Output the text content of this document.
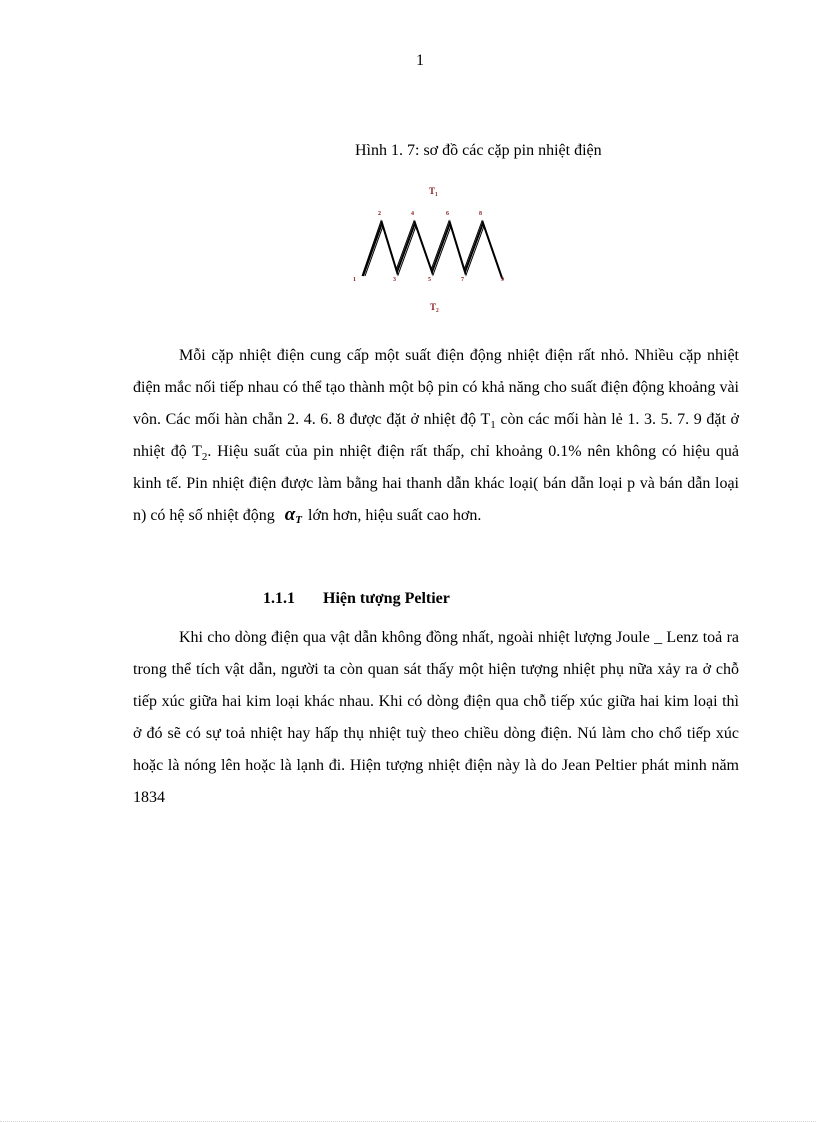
1
Hình 1. 7: sơ đồ các cặp pin nhiệt điện
T₁
T₂
1
2
3
4
5
6
7
8
9
Mỗi cặp nhiệt điện cung cấp một suất điện động nhiệt điện rất nhỏ. Nhiều cặp nhiệt điện mắc nối tiếp nhau có thể tạo thành một bộ pin có khả năng cho suất điện động khoảng vài vôn. Các mối hàn chẵn 2. 4. 6. 8 được đặt ở nhiệt độ $T_1$ còn các mối hàn lẻ 1. 3. 5. 7. 9 đặt ở nhiệt độ $T_2$. Hiệu suất của pin nhiệt điện rất thấp, chỉ khoảng 0.1% nên không có hiệu quả kinh tế. Pin nhiệt điện được làm bằng hai thanh dẫn khác loại( bán dẫn loại p và bán dẫn loại n) có hệ số nhiệt động αT lớn hơn, hiệu suất cao hơn.
1.1.1 Hiện tượng Peltier
Khi cho dòng điện qua vật dẫn không đồng nhất, ngoài nhiệt lượng Joule _ Lenz toả ra trong thể tích vật dẫn, người ta còn quan sát thấy một hiện tượng nhiệt phụ nữa xảy ra ở chỗ tiếp xúc giữa hai kim loại khác nhau. Khi có dòng điện qua chỗ tiếp xúc giữa hai kim loại thì ở đó sẽ có sự toả nhiệt hay hấp thụ nhiệt tuỳ theo chiều dòng điện. Nú làm cho chổ tiếp xúc hoặc là nóng lên hoặc là lạnh đi. Hiện tượng nhiệt điện này là do Jean Peltier phát minh năm 1834
